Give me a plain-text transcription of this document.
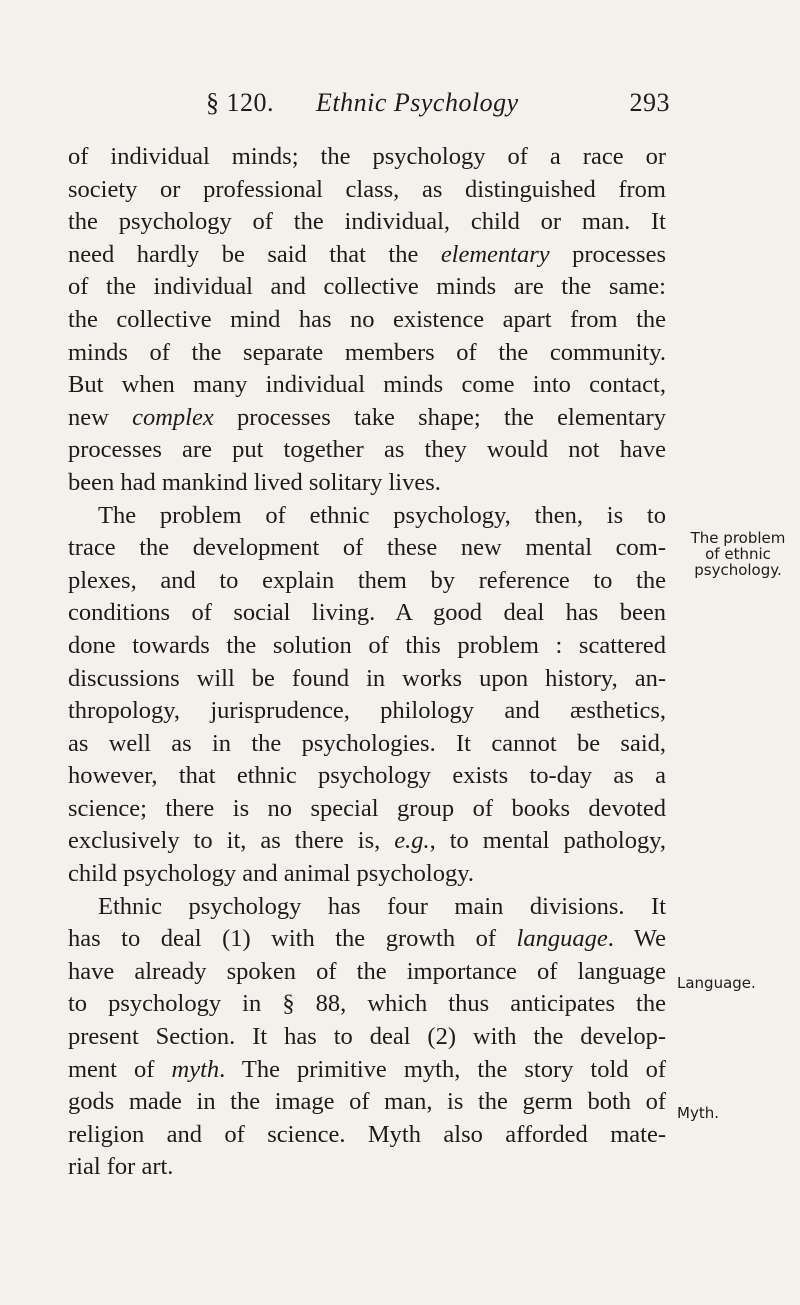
§ 120. Ethnic Psychology	293
of individual minds; the psychology of a race or
society or professional class, as distinguished from
the psychology of the individual, child or man. It
need hardly be said that the elementary processes
of the individual and collective minds are the same:
the collective mind has no existence apart from the
minds of the separate members of the community.
But when many individual minds come into contact,
new complex processes take shape; the elementary
processes are put together as they would not have
been had mankind lived solitary lives.
The problem of ethnic psychology, then, is to
trace the development of these new mental com-
plexes, and to explain them by reference to the
conditions of social living. A good deal has been
done towards the solution of this problem : scattered
discussions will be found in works upon history, an-
thropology, jurisprudence, philology and æsthetics,
as well as in the psychologies. It cannot be said,
however, that ethnic psychology exists to-day as a
science; there is no special group of books devoted
exclusively to it, as there is, e.g., to mental pathology,
child psychology and animal psychology.
Ethnic psychology has four main divisions. It
has to deal (1) with the growth of language. We
have already spoken of the importance of language
to psychology in § 88, which thus anticipates the
present Section. It has to deal (2) with the develop-
ment of myth. The primitive myth, the story told of
gods made in the image of man, is the germ both of
religion and of science. Myth also afforded mate-
rial for art.
The problem
of ethnic
psychology.
Language.
Myth.
